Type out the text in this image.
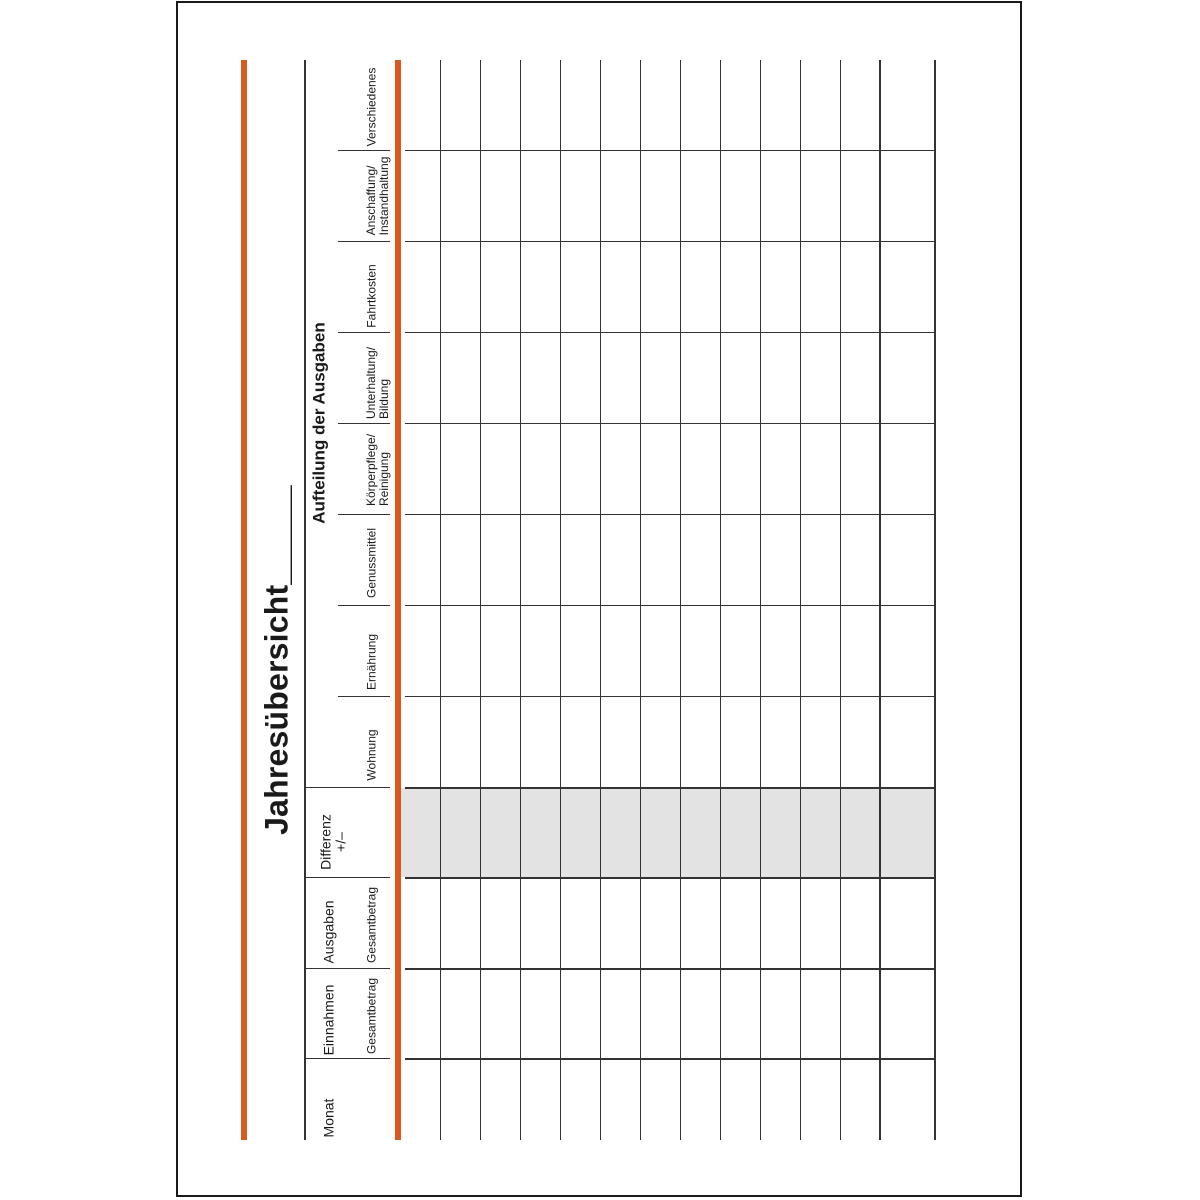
Jahresübersicht________
Aufteilung der Ausgaben
Verschiedenes
Anschaffung/ Instandhaltung
Fahrtkosten
Unterhaltung/ Bildung
Körperpflege/ Reinigung
Genussmittel
Ernährung
Wohnung
Differenz +/–
Ausgaben Gesamtbetrag
Einnahmen Gesamtbetrag
Monat
